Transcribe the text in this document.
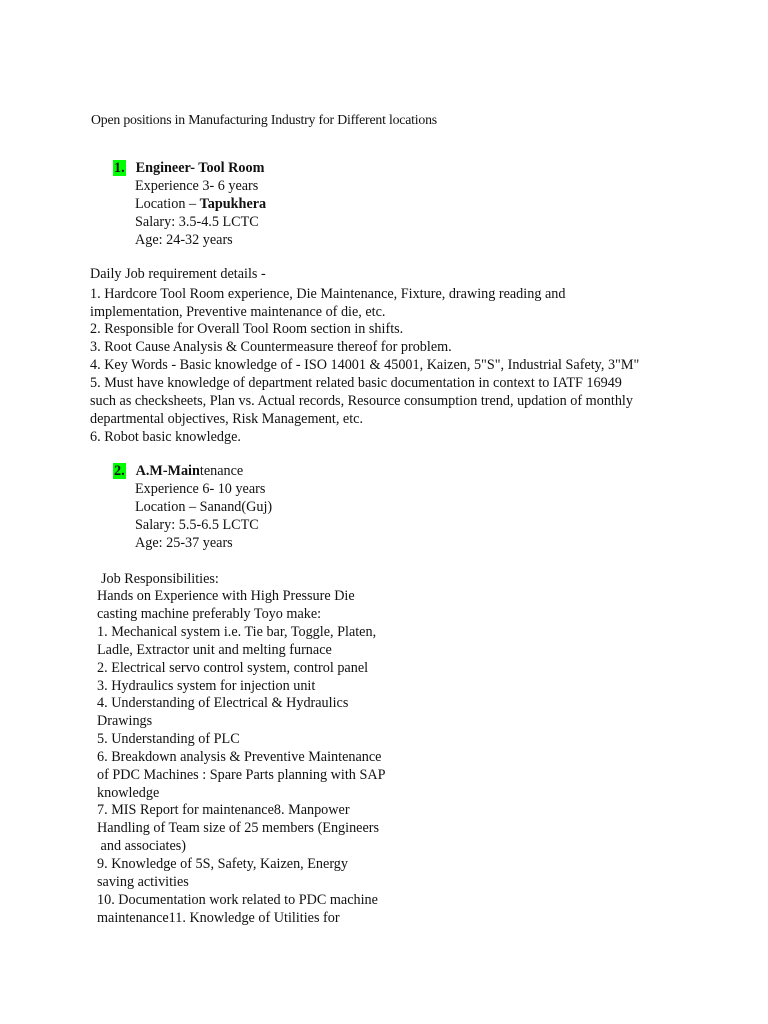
Open positions in Manufacturing Industry for Different locations
1. Engineer- Tool Room
Experience 3- 6 years
Location – Tapukhera
Salary: 3.5-4.5 LCTC
Age: 24-32 years
Daily Job requirement details -
1. Hardcore Tool Room experience, Die Maintenance, Fixture, drawing reading and
implementation, Preventive maintenance of die, etc.
2. Responsible for Overall Tool Room section in shifts.
3. Root Cause Analysis & Countermeasure thereof for problem.
4. Key Words - Basic knowledge of - ISO 14001 & 45001, Kaizen, 5"S", Industrial Safety, 3"M"
5. Must have knowledge of department related basic documentation in context to IATF 16949
such as checksheets, Plan vs. Actual records, Resource consumption trend, updation of monthly
departmental objectives, Risk Management, etc.
6. Robot basic knowledge.
2. A.M-Maintenance
Experience 6- 10 years
Location – Sanand(Guj)
Salary: 5.5-6.5 LCTC
Age: 25-37 years
Job Responsibilities:
Hands on Experience with High Pressure Die
casting machine preferably Toyo make:
1. Mechanical system i.e. Tie bar, Toggle, Platen,
Ladle, Extractor unit and melting furnace
2. Electrical servo control system, control panel
3. Hydraulics system for injection unit
4. Understanding of Electrical & Hydraulics
Drawings
5. Understanding of PLC
6. Breakdown analysis & Preventive Maintenance
of PDC Machines : Spare Parts planning with SAP
knowledge
7. MIS Report for maintenance8. Manpower
Handling of Team size of 25 members (Engineers
and associates)
9. Knowledge of 5S, Safety, Kaizen, Energy
saving activities
10. Documentation work related to PDC machine
maintenance11. Knowledge of Utilities for
